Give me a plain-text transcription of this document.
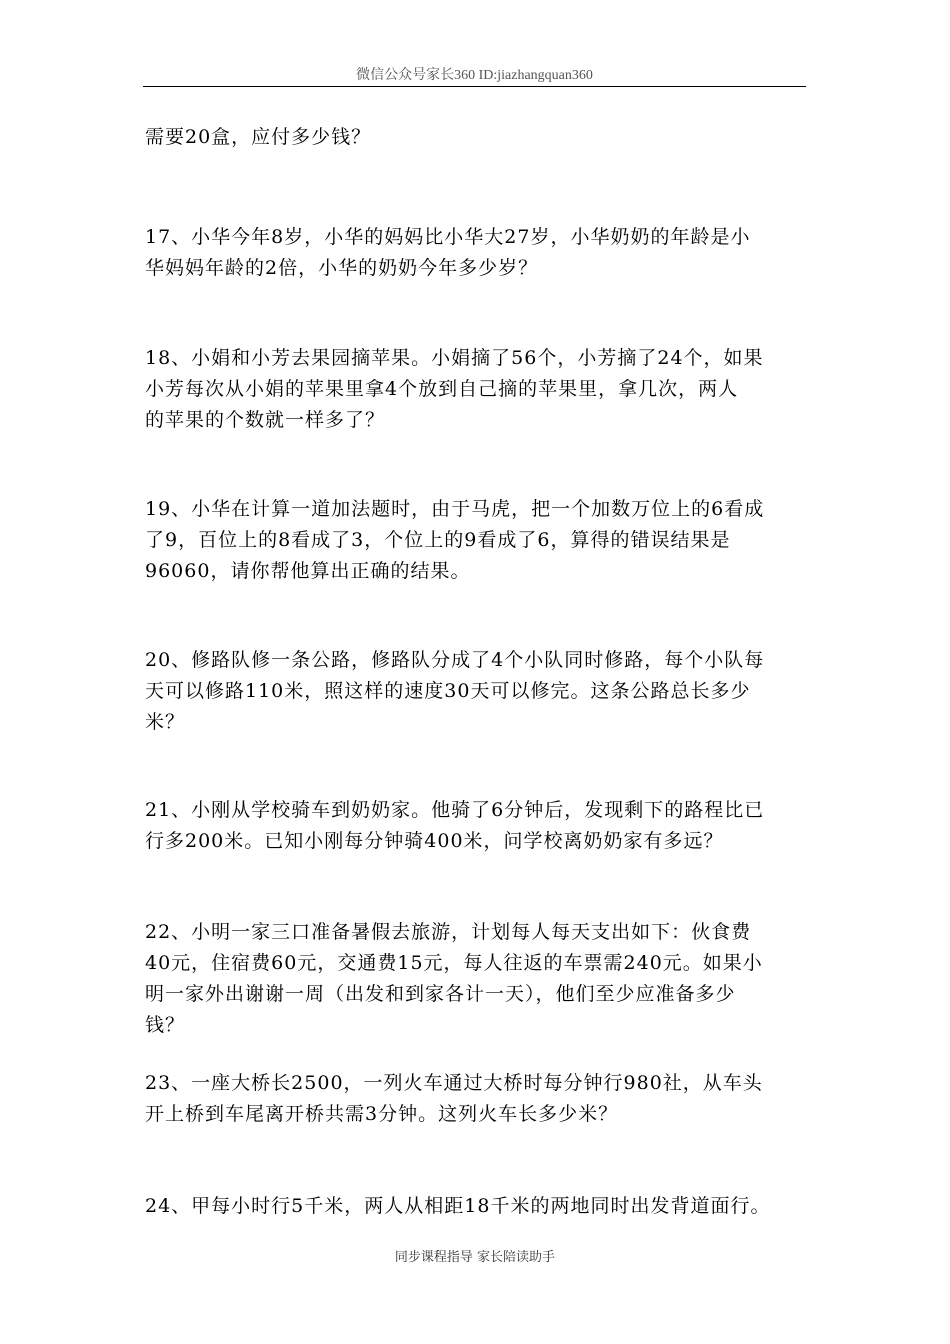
微信公众号家长360 ID:jiazhangquan360
需要20盒，应付多少钱？
17、小华今年8岁，小华的妈妈比小华大27岁，小华奶奶的年龄是小
华妈妈年龄的2倍，小华的奶奶今年多少岁？
18、小娟和小芳去果园摘苹果。小娟摘了56个，小芳摘了24个，如果
小芳每次从小娟的苹果里拿4个放到自己摘的苹果里，拿几次，两人
的苹果的个数就一样多了？
19、小华在计算一道加法题时，由于马虎，把一个加数万位上的6看成
了9，百位上的8看成了3，个位上的9看成了6，算得的错误结果是
96060，请你帮他算出正确的结果。
20、修路队修一条公路，修路队分成了4个小队同时修路，每个小队每
天可以修路110米，照这样的速度30天可以修完。这条公路总长多少
米？
21、小刚从学校骑车到奶奶家。他骑了6分钟后，发现剩下的路程比已
行多200米。已知小刚每分钟骑400米，问学校离奶奶家有多远？
22、小明一家三口准备暑假去旅游，计划每人每天支出如下：伙食费
40元，住宿费60元，交通费15元，每人往返的车票需240元。如果小
明一家外出谢谢一周（出发和到家各计一天），他们至少应准备多少
钱？
23、一座大桥长2500，一列火车通过大桥时每分钟行980社，从车头
开上桥到车尾离开桥共需3分钟。这列火车长多少米？
24、甲每小时行5千米，两人从相距18千米的两地同时出发背道面行。
同步课程指导 家长陪读助手
